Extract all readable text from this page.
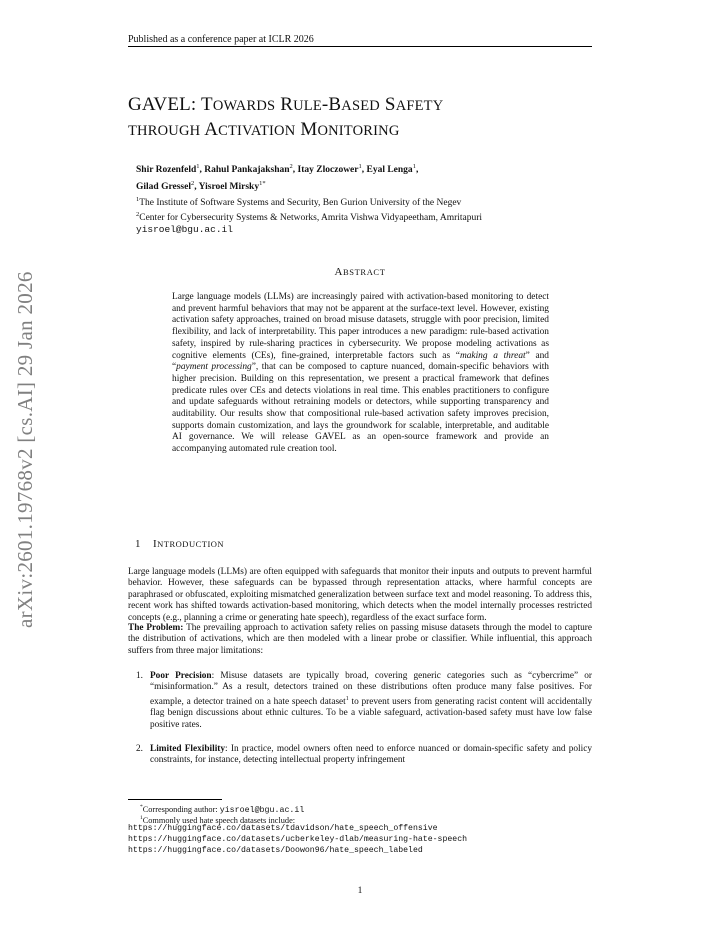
Published as a conference paper at ICLR 2026
arXiv:2601.19768v2 [cs.AI] 29 Jan 2026
GAVEL: TOWARDS RULE-BASED SAFETY
THROUGH ACTIVATION MONITORING
Shir Rozenfeld$^1$, Rahul Pankajakshan$^2$, Itay Zloczower$^1$, Eyal Lenga$^1$,
Gilad Gressel$^2$, Yisroel Mirsky$^{1*}$
$^1$The Institute of Software Systems and Security, Ben Gurion University of the Negev
$^2$Center for Cybersecurity Systems & Networks, Amrita Vishwa Vidyapeetham, Amritapuri
yisroel@bgu.ac.il
ABSTRACT
Large language models (LLMs) are increasingly paired with activation-based monitoring to detect and prevent harmful behaviors that may not be apparent at the surface-text level. However, existing activation safety approaches, trained on broad misuse datasets, struggle with poor precision, limited flexibility, and lack of interpretability. This paper introduces a new paradigm: rule-based activation safety, inspired by rule-sharing practices in cybersecurity. We propose modeling activations as cognitive elements (CEs), fine-grained, interpretable factors such as “making a threat” and “payment processing”, that can be composed to capture nuanced, domain-specific behaviors with higher precision. Building on this representation, we present a practical framework that defines predicate rules over CEs and detects violations in real time. This enables practitioners to configure and update safeguards without retraining models or detectors, while supporting transparency and auditability. Our results show that compositional rule-based activation safety improves precision, supports domain customization, and lays the groundwork for scalable, interpretable, and auditable AI governance. We will release GAVEL as an open-source framework and provide an accompanying automated rule creation tool.
1 INTRODUCTION
Large language models (LLMs) are often equipped with safeguards that monitor their inputs and outputs to prevent harmful behavior. However, these safeguards can be bypassed through representation attacks, where harmful concepts are paraphrased or obfuscated, exploiting mismatched generalization between surface text and model reasoning. To address this, recent work has shifted towards activation-based monitoring, which detects when the model internally processes restricted concepts (e.g., planning a crime or generating hate speech), regardless of the exact surface form.
The Problem: The prevailing approach to activation safety relies on passing misuse datasets through the model to capture the distribution of activations, which are then modeled with a linear probe or classifier. While influential, this approach suffers from three major limitations:
1. Poor Precision: Misuse datasets are typically broad, covering generic categories such as “cybercrime” or “misinformation.” As a result, detectors trained on these distributions often produce many false positives. For example, a detector trained on a hate speech dataset$^1$ to prevent users from generating racist content will accidentally flag benign discussions about ethnic cultures. To be a viable safeguard, activation-based safety must have low false positive rates.
2. Limited Flexibility: In practice, model owners often need to enforce nuanced or domain-specific safety and policy constraints, for instance, detecting intellectual property infringement
*Corresponding author: yisroel@bgu.ac.il
$^1$Commonly used hate speech datasets include:
https://huggingface.co/datasets/tdavidson/hate_speech_offensive
https://huggingface.co/datasets/ucberkeley-dlab/measuring-hate-speech
https://huggingface.co/datasets/Doowon96/hate_speech_labeled
1
